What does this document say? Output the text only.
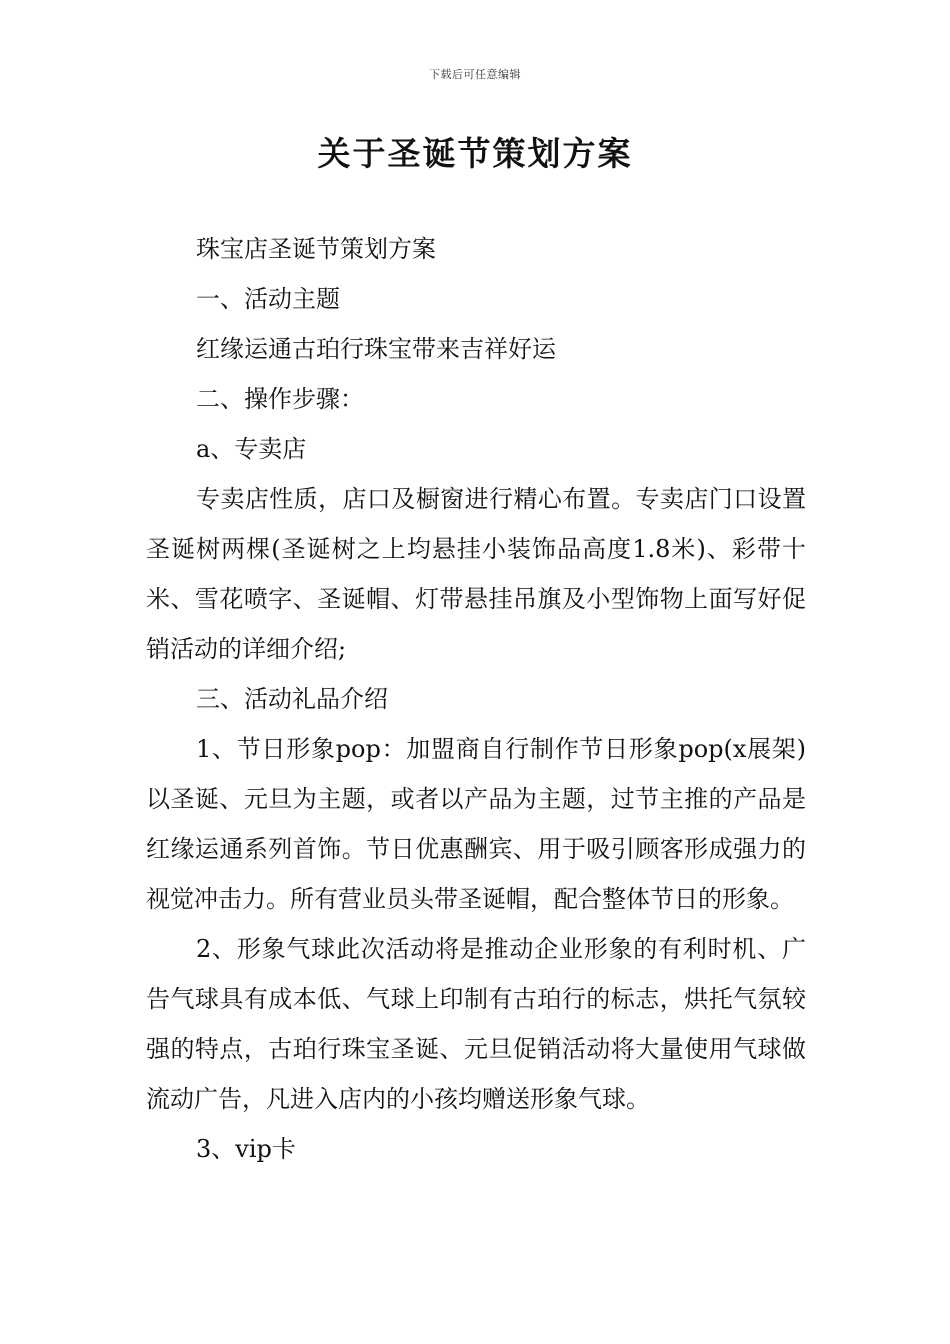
下载后可任意编辑
关于圣诞节策划方案

珠宝店圣诞节策划方案

一、活动主题

红缘运通古珀行珠宝带来吉祥好运

二、操作步骤：

a、专卖店

专卖店性质，店口及橱窗进行精心布置。专卖店门口设置圣诞树两棵(圣诞树之上均悬挂小装饰品高度1.8米)、彩带十米、雪花喷字、圣诞帽、灯带悬挂吊旗及小型饰物上面写好促销活动的详细介绍;

三、活动礼品介绍

1、节日形象pop：加盟商自行制作节日形象pop(x展架)以圣诞、元旦为主题，或者以产品为主题，过节主推的产品是红缘运通系列首饰。节日优惠酬宾、用于吸引顾客形成强力的视觉冲击力。所有营业员头带圣诞帽，配合整体节日的形象。

2、形象气球此次活动将是推动企业形象的有利时机、广告气球具有成本低、气球上印制有古珀行的标志，烘托气氛较强的特点，古珀行珠宝圣诞、元旦促销活动将大量使用气球做流动广告，凡进入店内的小孩均赠送形象气球。

3、vip卡
